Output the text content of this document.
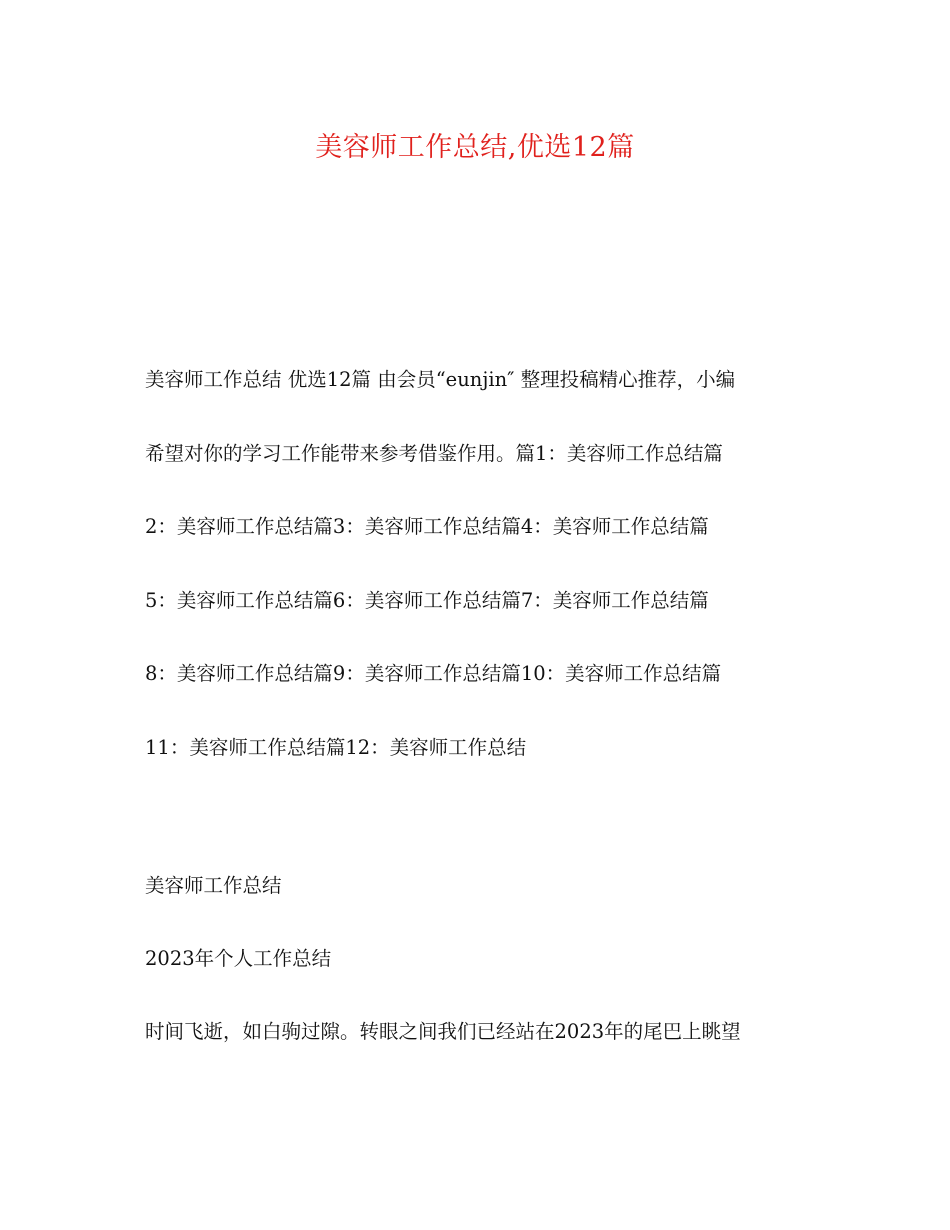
美容师工作总结,优选12篇
美容师工作总结 优选12篇 由会员“eunjin″ 整理投稿精心推荐，小编
希望对你的学习工作能带来参考借鉴作用。篇1：美容师工作总结篇
2：美容师工作总结篇3：美容师工作总结篇4：美容师工作总结篇
5：美容师工作总结篇6：美容师工作总结篇7：美容师工作总结篇
8：美容师工作总结篇9：美容师工作总结篇10：美容师工作总结篇
11：美容师工作总结篇12：美容师工作总结
美容师工作总结
2023年个人工作总结
时间飞逝，如白驹过隙。转眼之间我们已经站在2023年的尾巴上眺望
